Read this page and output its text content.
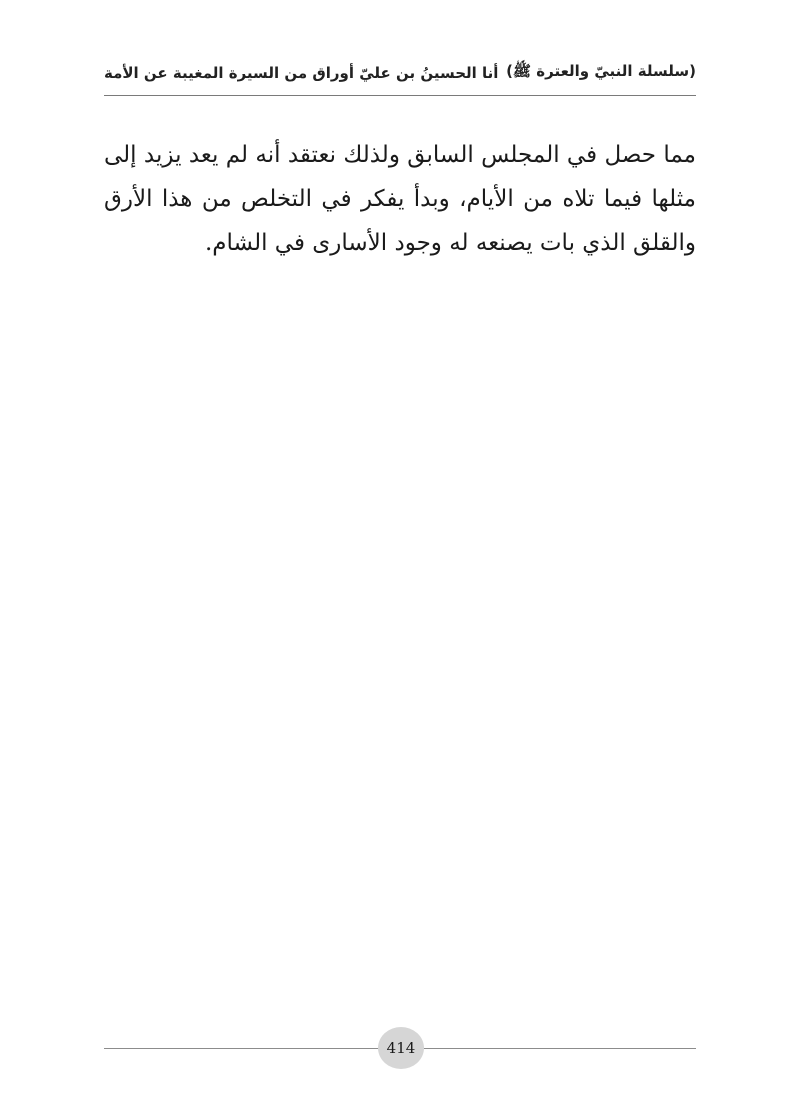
(سلسلة النبيّ والعترة ﷺ)
أنا الحسينُ بن عليّ أوراق من السيرة المغيبة عن الأمة
مما حصل في المجلس السابق ولذلك نعتقد أنه لم يعد يزيد إلى
مثلها فيما تلاه من الأيام، وبدأ يفكر في التخلص من هذا الأرق
والقلق الذي بات يصنعه له وجود الأسارى في الشام.
414
